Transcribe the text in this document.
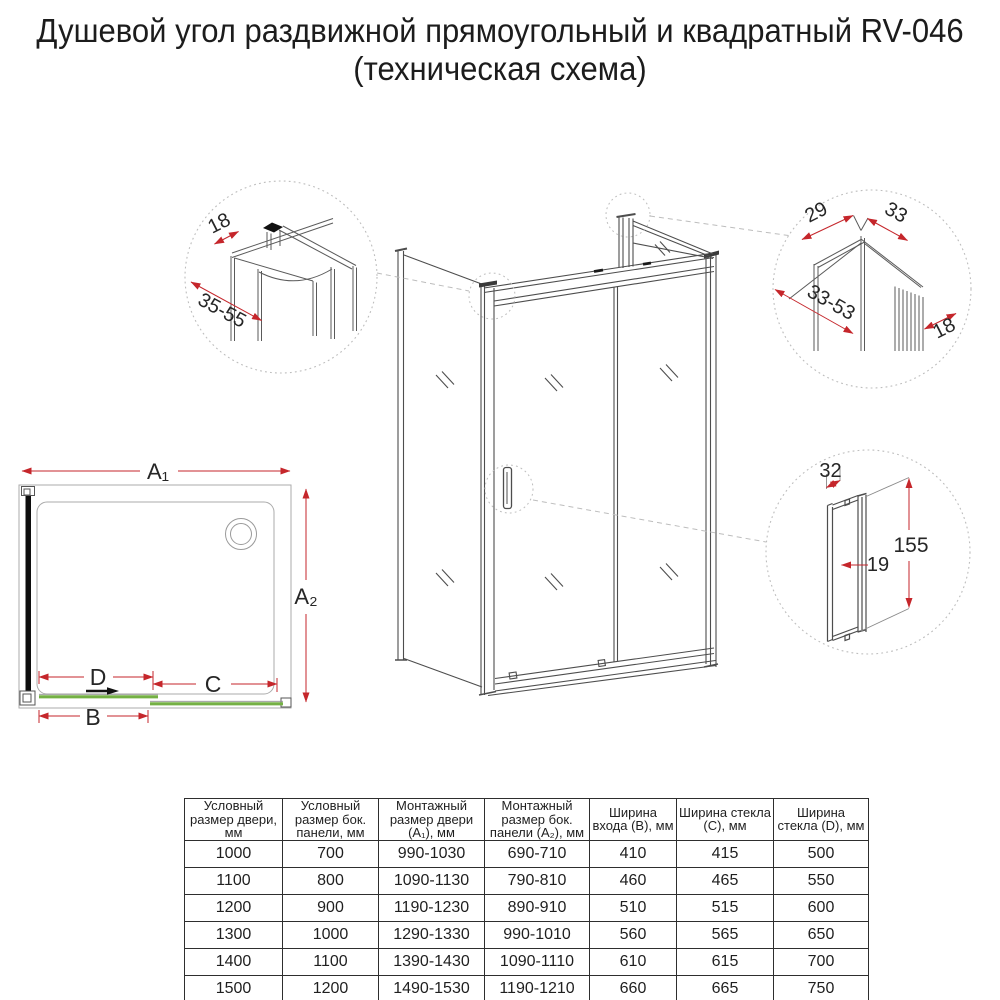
Душевой угол раздвижной прямоугольный и квадратный RV-046
(техническая схема)
A₁
A₂
D	C
B
18
35-55
29 33
33-53
18
32
155
19
Условный размер двери, мм	Условный размер бок. панели, мм	Монтажный размер двери (A₁), мм	Монтажный размер бок. панели (A₂), мм	Ширина входа (B), мм	Ширина стекла (C), мм	Ширина стекла (D), мм
1000	700	990-1030	690-710	410	415	500
1100	800	1090-1130	790-810	460	465	550
1200	900	1190-1230	890-910	510	515	600
1300	1000	1290-1330	990-1010	560	565	650
1400	1100	1390-1430	1090-1110	610	615	700
1500	1200	1490-1530	1190-1210	660	665	750
